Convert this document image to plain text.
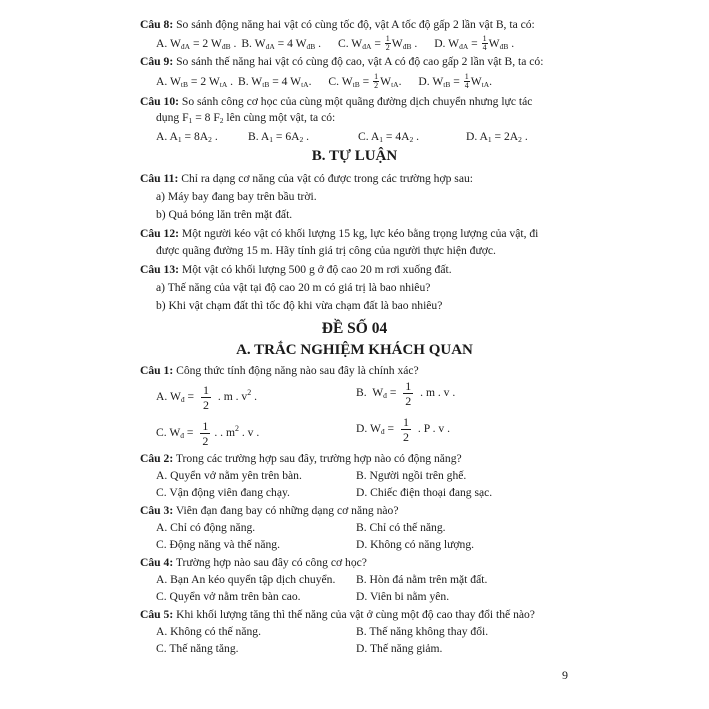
Câu 8: So sánh động năng hai vật có cùng tốc độ, vật A tốc độ gấp 2 lần vật B, ta có:
A. WđA = 2 WđB . B. WđA = 4 WđB . C. WđA = $\frac{1}{2}$ WđB . D. WđA = $\frac{1}{4}$ WđB .
Câu 9: So sánh thế năng hai vật có cùng độ cao, vật A có độ cao gấp 2 lần vật B, ta có:
A. WtB = 2 WtA . B. WtB = 4 WtA. C. WtB = $\frac{1}{2}$ WtA. D. WtB = $\frac{1}{4}$ WtA.
Câu 10: So sánh công cơ học của cùng một quãng đường dịch chuyển nhưng lực tác
dụng F1 = 8 F2 lên cùng một vật, ta có:
A. A1 = 8A2 .	B. A1 = 6A2 .	C. A1 = 4A2 .	D. A1 = 2A2 .
B. TỰ LUẬN
Câu 11: Chỉ ra dạng cơ năng của vật có được trong các trường hợp sau:
a) Máy bay đang bay trên bầu trời.
b) Quả bóng lăn trên mặt đất.
Câu 12: Một người kéo vật có khối lượng 15 kg, lực kéo bằng trọng lượng của vật, đi
được quãng đường 15 m. Hãy tính giá trị công của người thực hiện được.
Câu 13: Một vật có khối lượng 500 g ở độ cao 20 m rơi xuống đất.
a) Thế năng của vật tại độ cao 20 m có giá trị là bao nhiêu?
b) Khi vật chạm đất thì tốc độ khi vừa chạm đất là bao nhiêu?
ĐỀ SỐ 04
A. TRẮC NGHIỆM KHÁCH QUAN
Câu 1: Công thức tính động năng nào sau đây là chính xác?
A. Wđ = $\frac{1}{2}$ . m . $v^2$ .	B.  Wđ = $\frac{1}{2}$ . m . v .
C. Wđ = $\frac{1}{2}$ . . $m^2$ . v .	D. Wđ = $\frac{1}{2}$ . P . v .
Câu 2: Trong các trường hợp sau đây, trường hợp nào có động năng?
A. Quyển vở nằm yên trên bàn.	B. Người ngồi trên ghế.
C. Vận động viên đang chạy.	D. Chiếc điện thoại đang sạc.
Câu 3: Viên đạn đang bay có những dạng cơ năng nào?
A. Chỉ có động năng.	B. Chỉ có thế năng.
C. Động năng và thế năng.	D. Không có năng lượng.
Câu 4: Trường hợp nào sau đây có công cơ học?
A. Bạn An kéo quyển tập dịch chuyển. B. Hòn đá nằm trên mặt đất.
C. Quyển vở nằm trên bàn cao.	D. Viên bi nằm yên.
Câu 5: Khi khối lượng tăng thì thế năng của vật ở cùng một độ cao thay đổi thế nào?
A. Không có thế năng.	B. Thế năng không thay đổi.
C. Thế năng tăng.	D. Thế năng giảm.
9
